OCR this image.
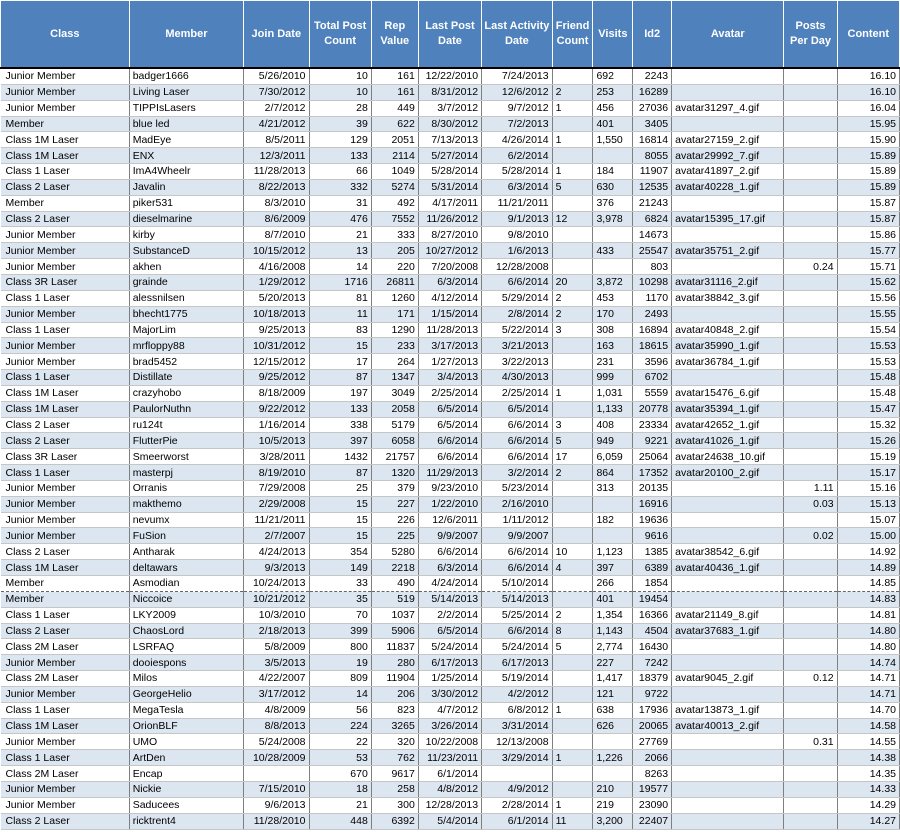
Class	Member	Join Date	Total Post Count	Rep Value	Last Post Date	Last Activity Date	Friend Count	Visits	Id2	Avatar	Posts Per Day	Content
Junior Member	badger1666	5/26/2010	10	161	12/22/2010	7/24/2013		692	2243			16.10
Junior Member	Living Laser	7/30/2012	10	161	8/31/2012	12/6/2012	2	253	16289			16.10
Junior Member	TIPPIsLasers	2/7/2012	28	449	3/7/2012	9/7/2012	1	456	27036	avatar31297_4.gif		16.04
Member	blue led	4/21/2012	39	622	8/30/2012	7/2/2013		401	3405			15.95
Class 1M Laser	MadEye	8/5/2011	129	2051	7/13/2013	4/26/2014	1	1,550	16814	avatar27159_2.gif		15.90
Class 1M Laser	ENX	12/3/2011	133	2114	5/27/2014	6/2/2014			8055	avatar29992_7.gif		15.89
Class 1 Laser	ImA4Wheelr	11/28/2013	66	1049	5/28/2014	5/28/2014	1	184	11907	avatar41897_2.gif		15.89
Class 2 Laser	Javalin	8/22/2013	332	5274	5/31/2014	6/3/2014	5	630	12535	avatar40228_1.gif		15.89
Member	piker531	8/3/2010	31	492	4/17/2011	11/21/2011		376	21243			15.87
Class 2 Laser	dieselmarine	8/6/2009	476	7552	11/26/2012	9/1/2013	12	3,978	6824	avatar15395_17.gif		15.87
Junior Member	kirby	8/7/2010	21	333	8/27/2010	9/8/2010			14673			15.86
Junior Member	SubstanceD	10/15/2012	13	205	10/27/2012	1/6/2013		433	25547	avatar35751_2.gif		15.77
Junior Member	akhen	4/16/2008	14	220	7/20/2008	12/28/2008			803		0.24	15.71
Class 3R Laser	grainde	1/29/2012	1716	26811	6/3/2014	6/6/2014	20	3,872	10298	avatar31116_2.gif		15.62
Class 1 Laser	alessnilsen	5/20/2013	81	1260	4/12/2014	5/29/2014	2	453	1170	avatar38842_3.gif		15.56
Junior Member	bhecht1775	10/18/2013	11	171	1/15/2014	2/8/2014	2	170	2493			15.55
Class 1 Laser	MajorLim	9/25/2013	83	1290	11/28/2013	5/22/2014	3	308	16894	avatar40848_2.gif		15.54
Junior Member	mrfloppy88	10/31/2012	15	233	3/17/2013	3/21/2013		163	18615	avatar35990_1.gif		15.53
Junior Member	brad5452	12/15/2012	17	264	1/27/2013	3/22/2013		231	3596	avatar36784_1.gif		15.53
Class 1 Laser	Distillate	9/25/2012	87	1347	3/4/2013	4/30/2013		999	6702			15.48
Class 1M Laser	crazyhobo	8/18/2009	197	3049	2/25/2014	2/25/2014	1	1,031	5559	avatar15476_6.gif		15.48
Class 1M Laser	PaulorNuthn	9/22/2012	133	2058	6/5/2014	6/5/2014		1,133	20778	avatar35394_1.gif		15.47
Class 2 Laser	ru124t	1/16/2014	338	5179	6/5/2014	6/6/2014	3	408	23334	avatar42652_1.gif		15.32
Class 2 Laser	FlutterPie	10/5/2013	397	6058	6/6/2014	6/6/2014	5	949	9221	avatar41026_1.gif		15.26
Class 3R Laser	Smeerworst	3/28/2011	1432	21757	6/6/2014	6/6/2014	17	6,059	25064	avatar24638_10.gif		15.19
Class 1 Laser	masterpj	8/19/2010	87	1320	11/29/2013	3/2/2014	2	864	17352	avatar20100_2.gif		15.17
Junior Member	Orranis	7/29/2008	25	379	9/23/2010	5/23/2014		313	20135		1.11	15.16
Junior Member	makthemo	2/29/2008	15	227	1/22/2010	2/16/2010			16916		0.03	15.13
Junior Member	nevumx	11/21/2011	15	226	12/6/2011	1/11/2012		182	19636			15.07
Junior Member	FuSion	2/7/2007	15	225	9/9/2007	9/9/2007			9616		0.02	15.00
Class 2 Laser	Antharak	4/24/2013	354	5280	6/6/2014	6/6/2014	10	1,123	1385	avatar38542_6.gif		14.92
Class 1M Laser	deltawars	9/3/2013	149	2218	6/3/2014	6/6/2014	4	397	6389	avatar40436_1.gif		14.89
Member	Asmodian	10/24/2013	33	490	4/24/2014	5/10/2014		266	1854			14.85
Member	Niccoice	10/21/2012	35	519	5/14/2013	5/14/2013		401	19454			14.83
Class 1 Laser	LKY2009	10/3/2010	70	1037	2/2/2014	5/25/2014	2	1,354	16366	avatar21149_8.gif		14.81
Class 2 Laser	ChaosLord	2/18/2013	399	5906	6/5/2014	6/6/2014	8	1,143	4504	avatar37683_1.gif		14.80
Class 2M Laser	LSRFAQ	5/8/2009	800	11837	5/24/2014	5/24/2014	5	2,774	16430			14.80
Junior Member	dooiespons	3/5/2013	19	280	6/17/2013	6/17/2013		227	7242			14.74
Class 2M Laser	Milos	4/22/2007	809	11904	1/25/2014	5/19/2014		1,417	18379	avatar9045_2.gif	0.12	14.71
Junior Member	GeorgeHelio	3/17/2012	14	206	3/30/2012	4/2/2012		121	9722			14.71
Class 1 Laser	MegaTesla	4/8/2009	56	823	4/7/2012	6/8/2012	1	638	17936	avatar13873_1.gif		14.70
Class 1M Laser	OrionBLF	8/8/2013	224	3265	3/26/2014	3/31/2014		626	20065	avatar40013_2.gif		14.58
Junior Member	UMO	5/24/2008	22	320	10/22/2008	12/13/2008			27769		0.31	14.55
Class 1 Laser	ArtDen	10/28/2009	53	762	11/23/2011	3/29/2014	1	1,226	2066			14.38
Class 2M Laser	Encap		670	9617	6/1/2014				8263			14.35
Junior Member	Nickie	7/15/2010	18	258	4/8/2012	4/9/2012		210	19577			14.33
Junior Member	Saducees	9/6/2013	21	300	12/28/2013	2/28/2014	1	219	23090			14.29
Class 2 Laser	ricktrent4	11/28/2010	448	6392	5/4/2014	6/1/2014	11	3,200	22407			14.27
